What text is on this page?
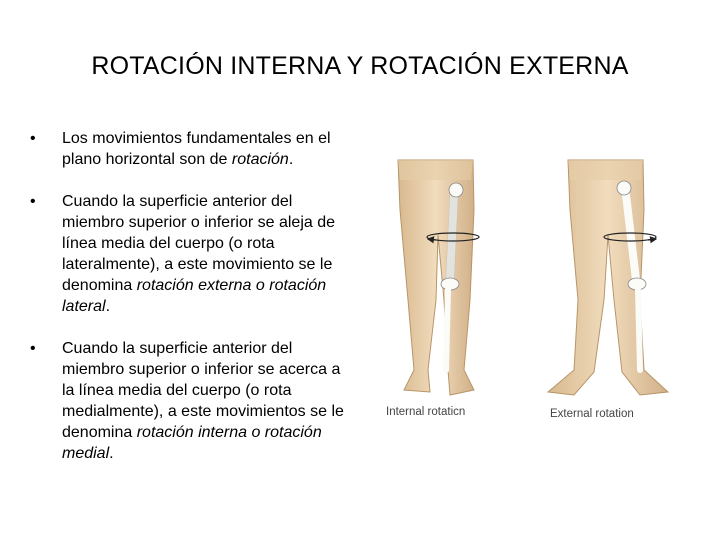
ROTACIÓN INTERNA Y ROTACIÓN EXTERNA
•	Los movimientos fundamentales en el plano horizontal son de rotación.
•	Cuando la superficie anterior del miembro superior o inferior se aleja de línea media del cuerpo (o rota lateralmente), a este movimiento se le denomina rotación externa o rotación lateral.
•	Cuando la superficie anterior del miembro superior o inferior se acerca a la línea media del cuerpo (o rota medialmente), a este movimientos se le denomina rotación interna o rotación medial.
Internal rotaticn	External rotation
